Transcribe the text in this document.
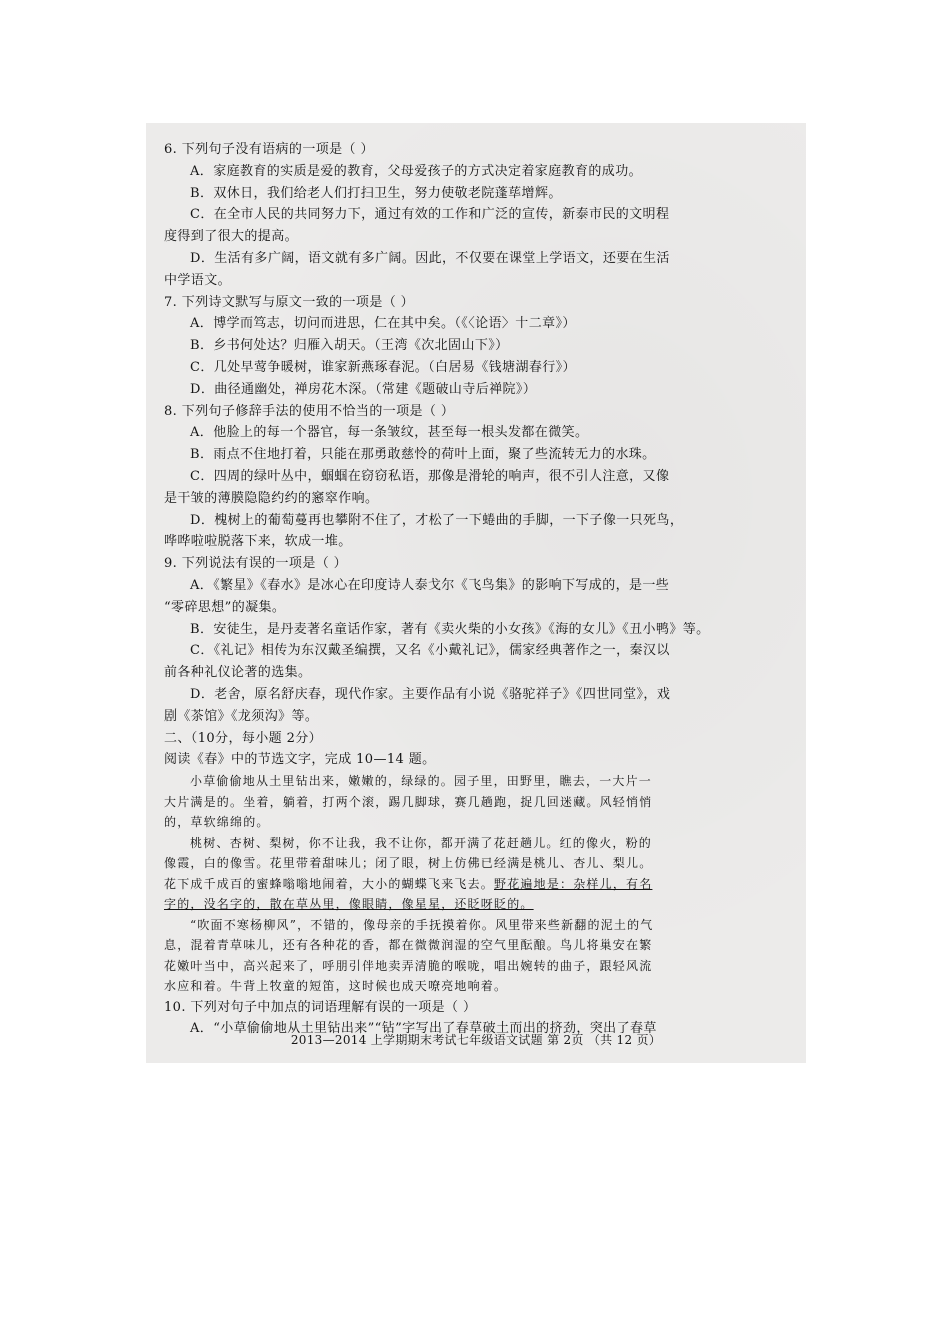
6. 下列句子没有语病的一项是（ ）
A．家庭教育的实质是爱的教育，父母爱孩子的方式决定着家庭教育的成功。
B．双休日，我们给老人们打扫卫生，努力使敬老院蓬荜增辉。
C．在全市人民的共同努力下，通过有效的工作和广泛的宣传，新泰市民的文明程
度得到了很大的提高。
D．生活有多广阔，语文就有多广阔。因此，不仅要在课堂上学语文，还要在生活
中学语文。
7. 下列诗文默写与原文一致的一项是（ ）
A．博学而笃志，切问而进思，仁在其中矣。（《〈论语〉十二章》）
B．乡书何处达？归雁入胡天。（王湾《次北固山下》）
C．几处早莺争暖树，谁家新燕琢春泥。（白居易《钱塘湖春行》）
D．曲径通幽处，禅房花木深。（常建《题破山寺后禅院》）
8. 下列句子修辞手法的使用不恰当的一项是（ ）
A．他脸上的每一个器官，每一条皱纹，甚至每一根头发都在微笑。
B．雨点不住地打着，只能在那勇敢慈怜的荷叶上面，聚了些流转无力的水珠。
C．四周的绿叶丛中，蝈蝈在窃窃私语，那像是滑轮的响声，很不引人注意，又像
是干皱的薄膜隐隐约约的窸窣作响。
D．槐树上的葡萄蔓再也攀附不住了，才松了一下蜷曲的手脚，一下子像一只死鸟，
哗哗啦啦脱落下来，软成一堆。
9. 下列说法有误的一项是（ ）
A．《繁星》《春水》是冰心在印度诗人泰戈尔《飞鸟集》的影响下写成的，是一些
“零碎思想”的凝集。
B．安徒生，是丹麦著名童话作家，著有《卖火柴的小女孩》《海的女儿》《丑小鸭》等。
C．《礼记》相传为东汉戴圣编撰，又名《小戴礼记》，儒家经典著作之一，秦汉以
前各种礼仪论著的选集。
D．老舍，原名舒庆春，现代作家。主要作品有小说《骆驼祥子》《四世同堂》，戏
剧《茶馆》《龙须沟》等。
二、（10分，每小题 2分）
阅读《春》中的节选文字，完成 10—14 题。
小草偷偷地从土里钻出来，嫩嫩的，绿绿的。园子里，田野里，瞧去，一大片一
大片满是的。坐着，躺着，打两个滚，踢几脚球，赛几趟跑，捉几回迷藏。风轻悄悄
的，草软绵绵的。
桃树、杏树、梨树，你不让我，我不让你，都开满了花赶趟儿。红的像火，粉的
像霞，白的像雪。花里带着甜味儿；闭了眼，树上仿佛已经满是桃儿、杏儿、梨儿。
花下成千成百的蜜蜂嗡嗡地闹着，大小的蝴蝶飞来飞去。野花遍地是：杂样儿，有名
字的，没名字的，散在草丛里，像眼睛，像星星，还眨呀眨的。
“吹面不寒杨柳风”，不错的，像母亲的手抚摸着你。风里带来些新翻的泥土的气
息，混着青草味儿，还有各种花的香，都在微微润湿的空气里酝酿。鸟儿将巢安在繁
花嫩叶当中，高兴起来了，呼朋引伴地卖弄清脆的喉咙，唱出婉转的曲子，跟轻风流
水应和着。牛背上牧童的短笛，这时候也成天嘹亮地响着。
10. 下列对句子中加点的词语理解有误的一项是（ ）
A．“小草偷偷地从土里钻出来”“钻”字写出了春草破土而出的挤劲，突出了春草
2013—2014 上学期期末考试七年级语文试题 第 2页 （共 12 页）
